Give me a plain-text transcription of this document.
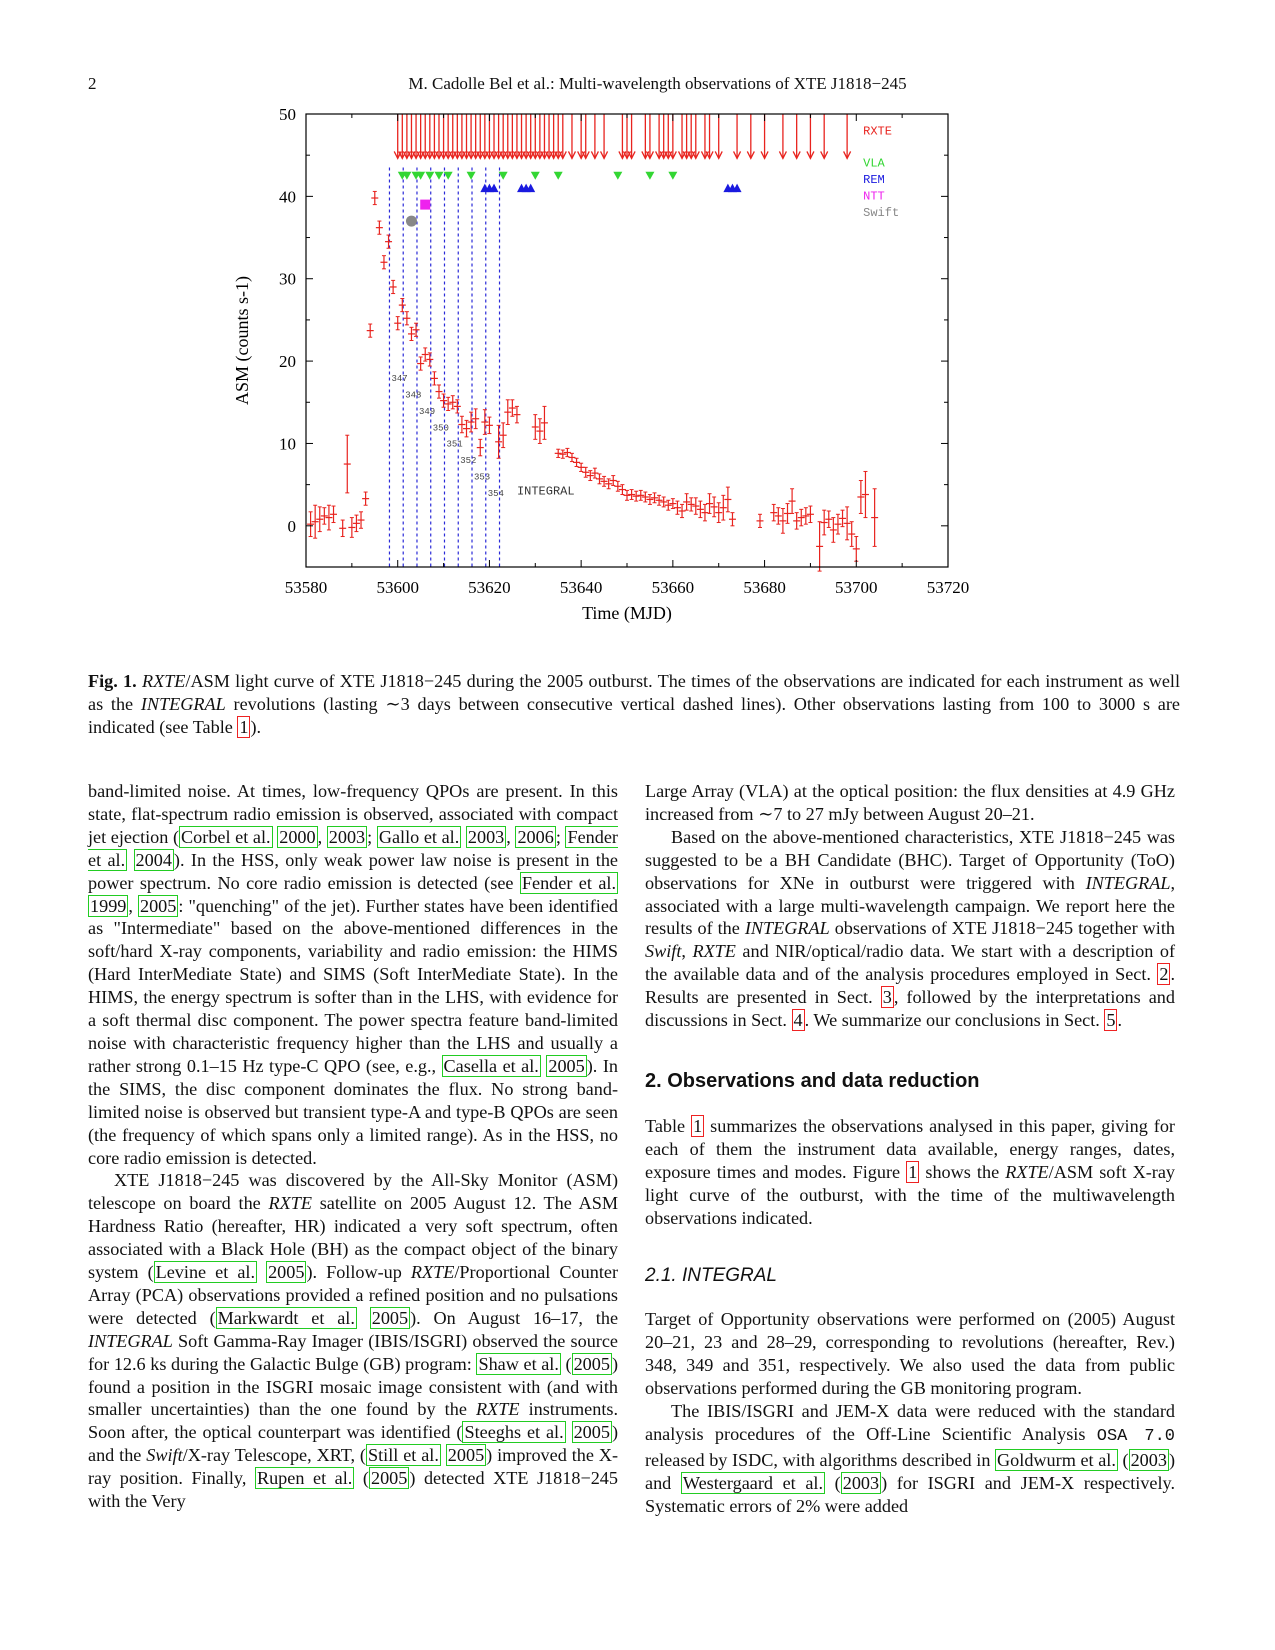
2	M. Cadolle Bel et al.: Multi-wavelength observations of XTE J1818−245
347
348
349
350
351
352
353
354 INTEGRAL
53580	53600	53620	53640	53660	53680	53700	53720
0
10
20
30
40
50
Time (MJD)
ASM (counts s-1)
RXTE
VLA
REM
NTT
Swift
Fig. 1. RXTE/ASM light curve of XTE J1818−245 during the 2005 outburst. The times of the observations are indicated for each instrument as well as the INTEGRAL revolutions (lasting ∼3 days between consecutive vertical dashed lines). Other observations lasting from 100 to 3000 s are indicated (see Table 1 ).

band-limited noise. At times, low-frequency QPOs are present. In this state, flat-spectrum radio emission is observed, associated with compact jet ejection ( Corbel et al. 2000 , 2003 ; Gallo et al. 2003 , 2006 ; Fender et al. 2004 ). In the HSS, only weak power law noise is present in the power spectrum. No core radio emission is detected (see Fender et al. 1999 , 2005 : "quenching" of the jet). Further states have been identified as "Intermediate" based on the above-mentioned differences in the soft/hard X-ray components, variability and radio emission: the HIMS (Hard InterMediate State) and SIMS (Soft InterMediate State). In the HIMS, the energy spectrum is softer than in the LHS, with evidence for a soft thermal disc component. The power spectra feature band-limited noise with characteristic frequency higher than the LHS and usually a rather strong 0.1–15 Hz type-C QPO (see, e.g., Casella et al. 2005 ). In the SIMS, the disc component dominates the flux. No strong band-limited noise is observed but transient type-A and type-B QPOs are seen (the frequency of which spans only a limited range). As in the HSS, no core radio emission is detected.

XTE J1818−245 was discovered by the All-Sky Monitor (ASM) telescope on board the RXTE satellite on 2005 August 12. The ASM Hardness Ratio (hereafter, HR) indicated a very soft spectrum, often associated with a Black Hole (BH) as the compact object of the binary system ( Levine et al. 2005 ). Follow-up RXTE/Proportional Counter Array (PCA) observations provided a refined position and no pulsations were detected ( Markwardt et al. 2005 ). On August 16–17, the INTEGRAL Soft Gamma-Ray Imager (IBIS/ISGRI) observed the source for 12.6 ks during the Galactic Bulge (GB) program: Shaw et al. ( 2005 ) found a position in the ISGRI mosaic image consistent with (and with smaller uncertainties) than the one found by the RXTE instruments. Soon after, the optical counterpart was identified ( Steeghs et al. 2005 ) and the Swift/X-ray Telescope, XRT, ( Still et al. 2005 ) improved the X-ray position. Finally, Rupen et al. ( 2005 ) detected XTE J1818−245 with the Very

Large Array (VLA) at the optical position: the flux densities at 4.9 GHz increased from ∼7 to 27 mJy between August 20–21.

Based on the above-mentioned characteristics, XTE J1818−245 was suggested to be a BH Candidate (BHC). Target of Opportunity (ToO) observations for XNe in outburst were triggered with INTEGRAL, associated with a large multi-wavelength campaign. We report here the results of the INTEGRAL observations of XTE J1818−245 together with Swift, RXTE and NIR/optical/radio data. We start with a description of the available data and of the analysis procedures employed in Sect. 2 . Results are presented in Sect. 3 , followed by the interpretations and discussions in Sect. 4 . We summarize our conclusions in Sect. 5 .

2. Observations and data reduction

Table 1 summarizes the observations analysed in this paper, giving for each of them the instrument data available, energy ranges, dates, exposure times and modes. Figure 1 shows the RXTE/ASM soft X-ray light curve of the outburst, with the time of the multiwavelength observations indicated.

2.1. INTEGRAL

Target of Opportunity observations were performed on (2005) August 20–21, 23 and 28–29, corresponding to revolutions (hereafter, Rev.) 348, 349 and 351, respectively. We also used the data from public observations performed during the GB monitoring program.

The IBIS/ISGRI and JEM-X data were reduced with the standard analysis procedures of the Off-Line Scientific Analysis OSA 7.0 released by ISDC, with algorithms described in Goldwurm et al. ( 2003 ) and Westergaard et al. ( 2003 ) for ISGRI and JEM-X respectively. Systematic errors of 2% were added
